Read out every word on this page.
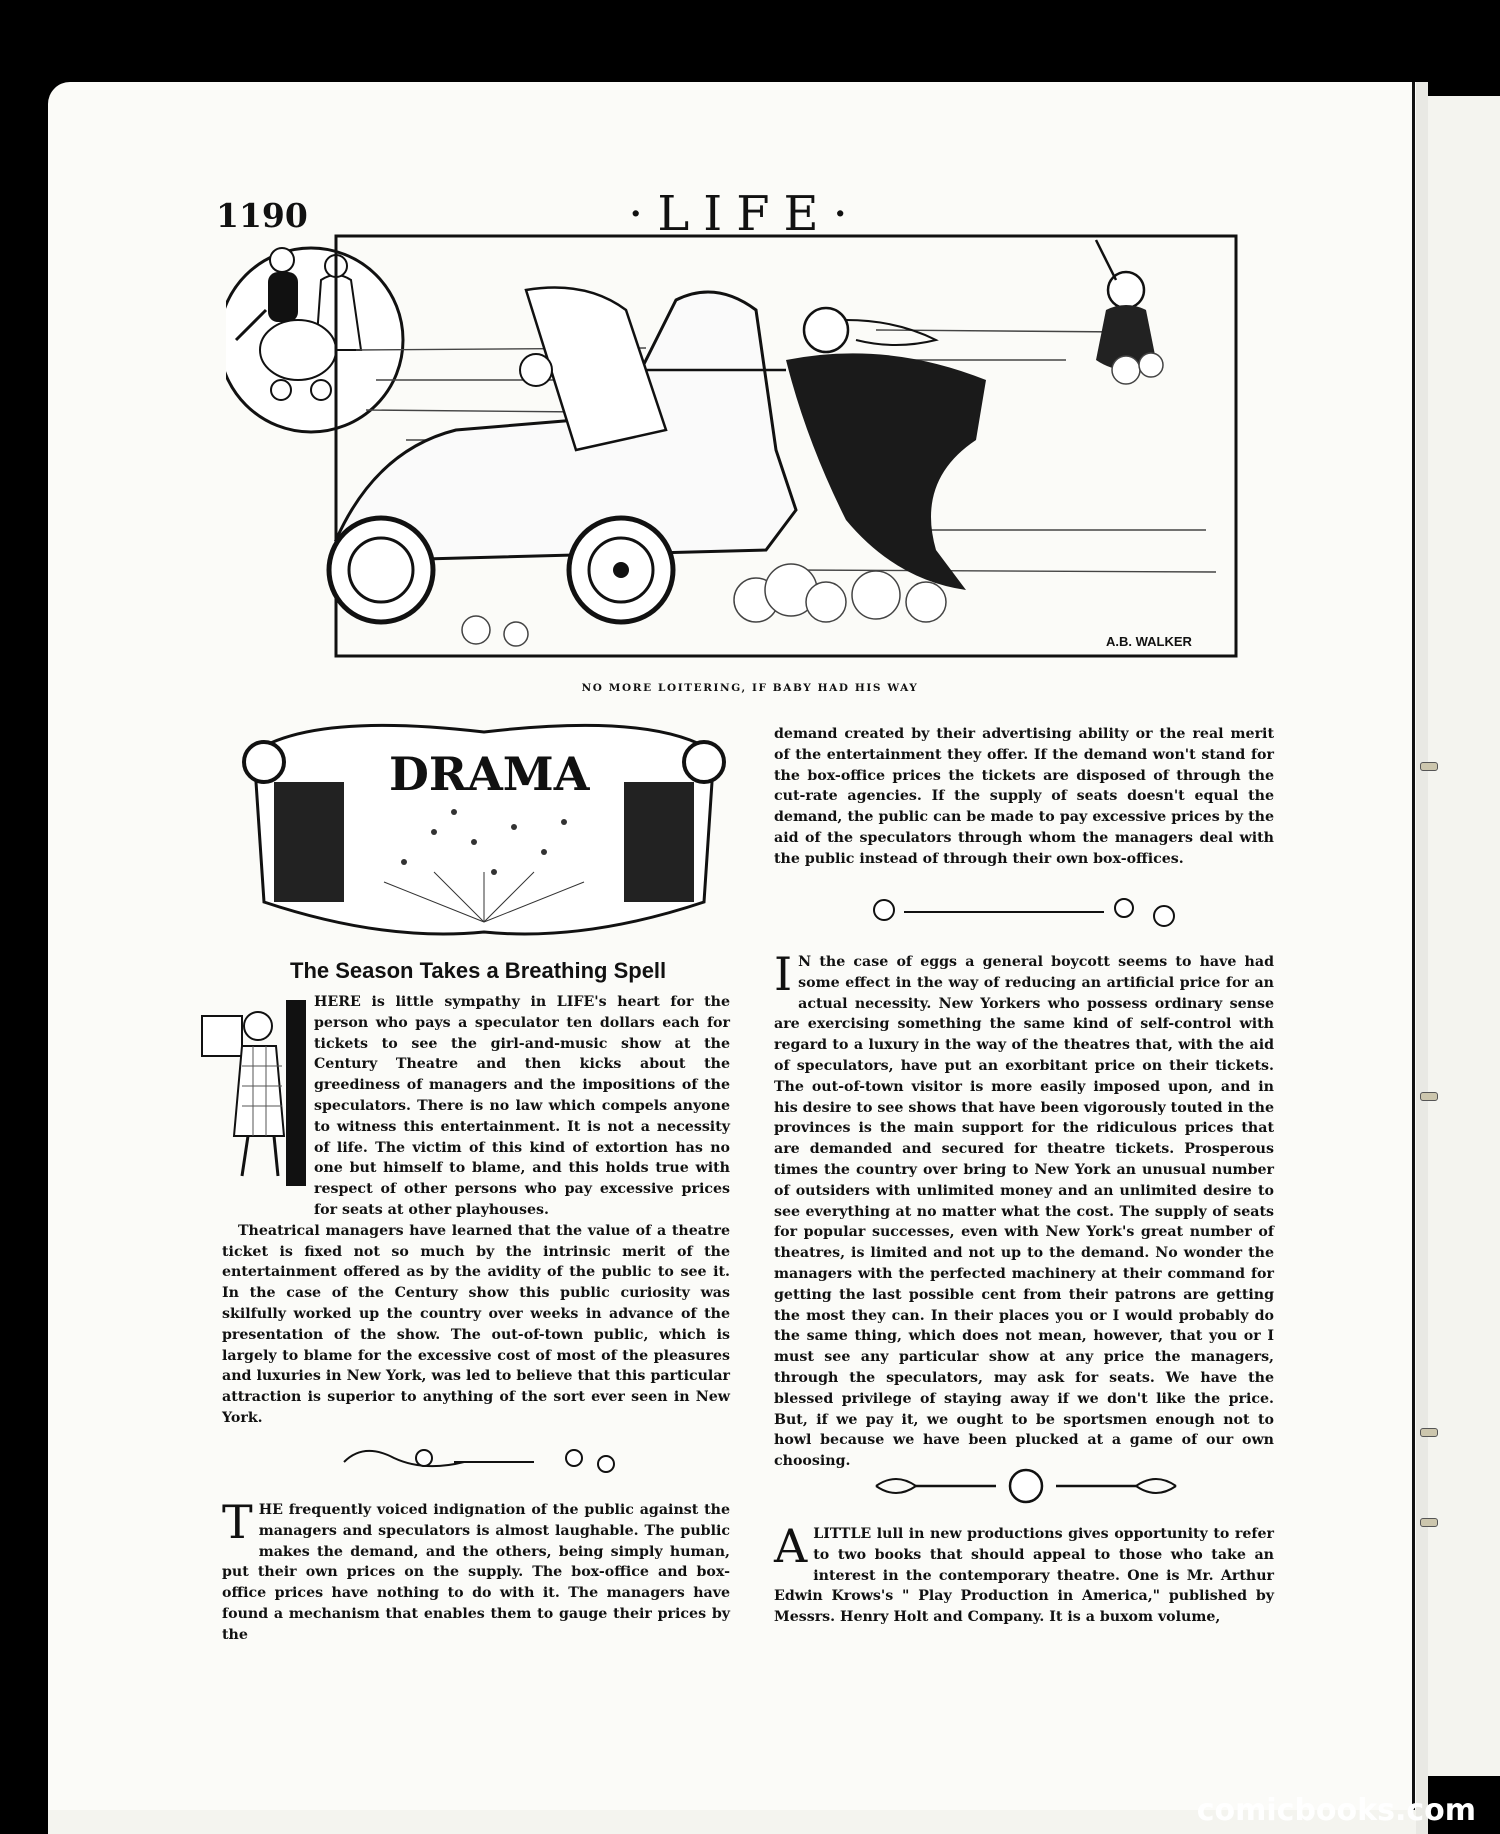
1190	·LIFE·
A.B. WALKER
NO MORE LOITERING, IF BABY HAD HIS WAY
DRAMA
The Season Takes a Breathing Spell

HERE is little sympathy in LIFE's heart for the person who pays a speculator ten dollars each for tickets to see the girl-and-music show at the Century Theatre and then kicks about the greediness of managers and the impositions of the speculators. There is no law which compels anyone to witness this entertainment. It is not a necessity of life. The victim of this kind of extortion has no one but himself to blame, and this holds true with respect of other persons who pay excessive prices for seats at other playhouses.

Theatrical managers have learned that the value of a theatre ticket is fixed not so much by the intrinsic merit of the entertainment offered as by the avidity of the public to see it. In the case of the Century show this public curiosity was skilfully worked up the country over weeks in advance of the presentation of the show. The out-of-town public, which is largely to blame for the excessive cost of most of the pleasures and luxuries in New York, was led to believe that this particular attraction is superior to anything of the sort ever seen in New York.

T HE frequently voiced indignation of the public against the managers and speculators is almost laughable. The public makes the demand, and the others, being simply human, put their own prices on the supply. The box-office and box-office prices have nothing to do with it. The managers have found a mechanism that enables them to gauge their prices by the

demand created by their advertising ability or the real merit of the entertainment they offer. If the demand won't stand for the box-office prices the tickets are disposed of through the cut-rate agencies. If the supply of seats doesn't equal the demand, the public can be made to pay excessive prices by the aid of the speculators through whom the managers deal with the public instead of through their own box-offices.

I N the case of eggs a general boycott seems to have had some effect in the way of reducing an artificial price for an actual necessity. New Yorkers who possess ordinary sense are exercising something the same kind of self-control with regard to a luxury in the way of the theatres that, with the aid of speculators, have put an exorbitant price on their tickets. The out-of-town visitor is more easily imposed upon, and in his desire to see shows that have been vigorously touted in the provinces is the main support for the ridiculous prices that are demanded and secured for theatre tickets. Prosperous times the country over bring to New York an unusual number of outsiders with unlimited money and an unlimited desire to see everything at no matter what the cost. The supply of seats for popular successes, even with New York's great number of theatres, is limited and not up to the demand. No wonder the managers with the perfected machinery at their command for getting the last possible cent from their patrons are getting the most they can. In their places you or I would probably do the same thing, which does not mean, however, that you or I must see any particular show at any price the managers, through the speculators, may ask for seats. We have the blessed privilege of staying away if we don't like the price. But, if we pay it, we ought to be sportsmen enough not to howl because we have been plucked at a game of our own choosing.

A LITTLE lull in new productions gives opportunity to refer to two books that should appeal to those who take an interest in the contemporary theatre. One is Mr. Arthur Edwin Krows's " Play Production in America," published by Messrs. Henry Holt and Company. It is a buxom volume,

comicbooks.com
